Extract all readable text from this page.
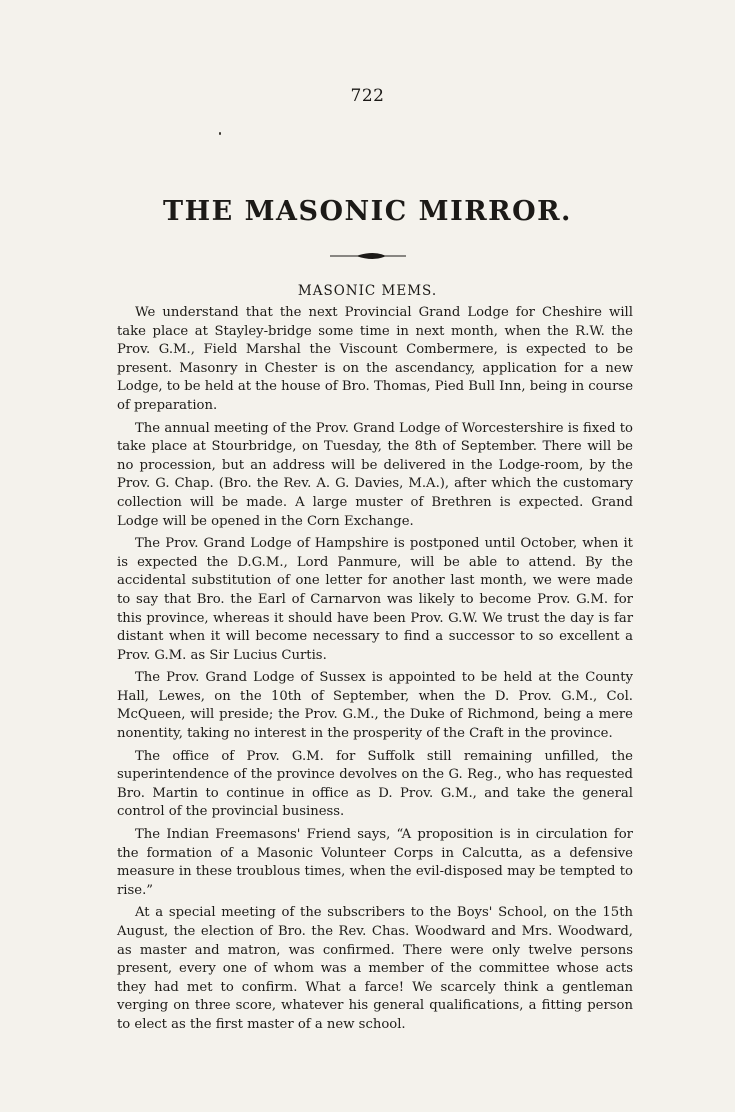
722
THE MASONIC MIRROR.
MASONIC MEMS.

We understand that the next Provincial Grand Lodge for Cheshire will take place at Stayley-bridge some time in next month, when the R.W. the Prov. G.M., Field Marshal the Viscount Combermere, is expected to be present. Masonry in Chester is on the ascendancy, application for a new Lodge, to be held at the house of Bro. Thomas, Pied Bull Inn, being in course of preparation.

The annual meeting of the Prov. Grand Lodge of Worcestershire is fixed to take place at Stourbridge, on Tuesday, the 8th of September. There will be no procession, but an address will be delivered in the Lodge-room, by the Prov. G. Chap. (Bro. the Rev. A. G. Davies, M.A.), after which the customary collection will be made. A large muster of Brethren is expected. Grand Lodge will be opened in the Corn Exchange.

The Prov. Grand Lodge of Hampshire is postponed until October, when it is expected the D.G.M., Lord Panmure, will be able to attend. By the accidental substitution of one letter for another last month, we were made to say that Bro. the Earl of Carnarvon was likely to become Prov. G.M. for this province, whereas it should have been Prov. G.W. We trust the day is far distant when it will become necessary to find a successor to so excellent a Prov. G.M. as Sir Lucius Curtis.

The Prov. Grand Lodge of Sussex is appointed to be held at the County Hall, Lewes, on the 10th of September, when the D. Prov. G.M., Col. McQueen, will preside; the Prov. G.M., the Duke of Richmond, being a mere nonentity, taking no interest in the prosperity of the Craft in the province.

The office of Prov. G.M. for Suffolk still remaining unfilled, the superintendence of the province devolves on the G. Reg., who has requested Bro. Martin to continue in office as D. Prov. G.M., and take the general control of the provincial business.

The Indian Freemasons' Friend says, “A proposition is in circulation for the formation of a Masonic Volunteer Corps in Calcutta, as a defensive measure in these troublous times, when the evil-disposed may be tempted to rise.”

At a special meeting of the subscribers to the Boys' School, on the 15th August, the election of Bro. the Rev. Chas. Woodward and Mrs. Woodward, as master and matron, was confirmed. There were only twelve persons present, every one of whom was a member of the committee whose acts they had met to confirm. What a farce! We scarcely think a gentleman verging on three score, whatever his general qualifications, a fitting person to elect as the first master of a new school.
